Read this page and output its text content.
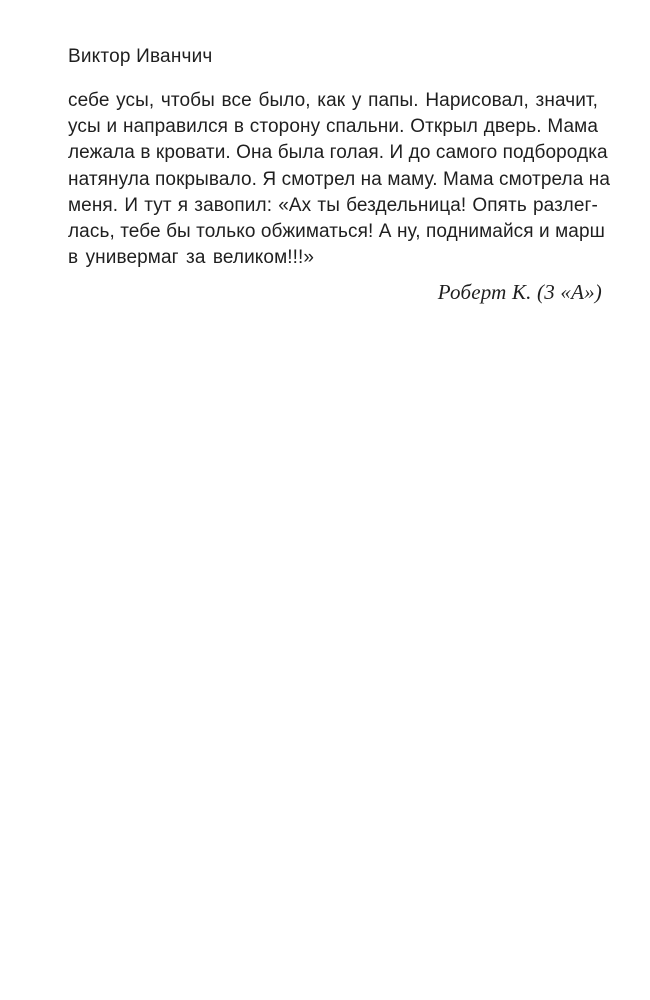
Виктор Иванчич
себе усы, чтобы все было, как у папы. Нарисовал, значит,
усы и направился в сторону спальни. Открыл дверь. Мама
лежала в кровати. Она была голая. И до самого подбородка
натянула покрывало. Я смотрел на маму. Мама смотрела на
меня. И тут я завопил: «Ах ты бездельница! Опять разлег-
лась, тебе бы только обжиматься! А ну, поднимайся и марш
в универмаг за великом!!!»
Роберт К. (3 «А»)
